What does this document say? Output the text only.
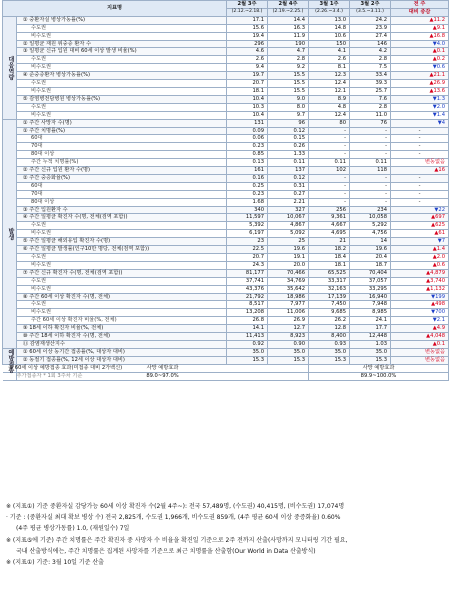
지표명		2월 3주	2월 4주	3월 1주	3월 2주	전 주
		(2.12.~2.18.)	(2.19.~2.25.)	(2.26.~3.4.)	(3.5.~3.11.)	대비 증감
대응역량	① 중환자실 병상가동률(%)	17.1	14.4	13.0	24.2	▲11.2
	수도권	15.6	16.3	14.8	23.9	▲9.1
	비수도권	19.4	11.9	10.6	27.4	▲16.8
	② 일평균 재원 위중증 환자 수	296	190	150	146	▼4.0
	③ 일평균 신규 입원 대비 60세 이상 발생 비율(%)	4.6	4.7	4.1	4.2	▲0.1
	수도권	2.6	2.8	2.6	2.8	▲0.2
	비수도권	9.4	9.2	8.1	7.5	▼0.6
	④ 준중증환자 병상가동률(%)	19.7	15.5	12.3	33.4	▲21.1
	수도권	20.7	15.5	12.4	39.3	▲26.9
	비수도권	18.1	15.5	12.1	25.7	▲13.6
	⑤ 감염병전담병원 병상가동률(%)	10.4	9.0	8.9	7.6	▼1.3
	수도권	10.3	8.0	4.8	2.8	▼2.0
	비수도권	10.4	9.7	12.4	11.0	▼1.4
발생	① 주간 사망자 수(명)	131	96	80	76	▼4
	① 주간 치명률(%)	0.09	0.12	-	-	-
	60대	0.06	0.15	-	-	-
	70대	0.23	0.26	-	-	-
	80대 이상	0.85	1.33	-	-	-
	주간 누적 치명률(%)	0.13	0.11	0.11	0.11	변동없음
	② 주간 신규 입원 환자 수(명)	161	137	102	118	▲16
	② 주간 중증화율(%)	0.16	0.12	-	-	-
	60대	0.25	0.31	-	-	-
	70대	0.23	0.27	-	-	-
	80대 이상	1.68	2.21	-	-	-
	③ 주간 입원환자 수	340	327	256	234	▼22
	④ 주간 일평균 확진자 수(명, 전체(검역 포함))	11,597	10,067	9,361	10,058	▲697
	수도권	5,392	4,867	4,667	5,292	▲625
	비수도권	6,197	5,092	4,695	4,756	▲61
	⑤ 주간 일평균 해외유입 확진자 수(명)	23	25	21	14	▼7
	⑥ 주간 일평균 발생률(인구10만 명당, 전체(검역 포함))	22.5	19.6	18.2	19.6	▲1.4
	수도권	20.7	19.1	18.4	20.4	▲2.0
	비수도권	24.3	20.0	18.1	18.7	▲0.6
	⑦ 주간 신규 확진자 수(명, 전체(검역 포함))	81,177	70,466	65,525	70,404	▲4,879
	수도권	37,741	34,769	33,317	37,057	▲3,740
	비수도권	43,376	35,642	32,163	33,295	▲1,132
	⑧ 주간 60세 이상 확진자 수(명, 전체)	21,792	18,986	17,139	16,940	▼199
	수도권	8,517	7,977	7,450	7,948	▲498
	비수도권	13,208	11,006	9,685	8,985	▼700
	주간 60세 이상 확진자 비율(%, 전체)	26.8	26.9	26.2	24.1	▼2.1
	⑨ 18세 이하 확진자 비율(%, 전체)	14.1	12.7	12.8	17.7	▲4.9
	⑩ 주간 18세 이하 확진자 수(명, 전체)	11,413	8,923	8,400	12,448	▲4,048
	⑪ 감염재생산지수	0.92	0.90	0.93	1.03	▲0.1
예방접종	① 60세 이상 동기간 접종률(%, 대상자 대비)	35.0	35.0	35.0	35.0	변동없음
	② 동절기 접종률(%, 12세 이상 대상자 대비)	15.3	15.3	15.3	15.3	변동없음
③ 60세 이상 예방접종 효과(미접종 대비 2가백신)	사망 예방효과			사망 예방효과		
추가접종자 * 1회 3주차 기준	89.0~97.0%			89.9~100.0%		

※ (지표①) 기준 중환자실 감당가능 60세 이상 확진자 수(2월 4주~): 전국 57,489명, (수도권) 40,415명, (비수도권) 17,074명

· 기준 : (중환자실 최대 확보 병상 수) 전국 2,825개, 수도권 1,966개, 비수도권 859개, (4주 평균 60세 이상 중증화율) 0.60%

(4주 평균 병상가동률) 1.0, (재원일수) 7일

※ (지표⑤에 기준) 주간 치명률은 주간 확진자 중 사망자 수 비율을 확진일 기준으로 2주 전까지 산출(사망까지 모니터링 기간 필요,

국내 산출방식에는, 주간 치명률은 집계된 사망자를 기준으로 최근 치명률을 산출함(Our World in Data 산출방식)

※ (지표①) 기준: 3월 10일 기준 산출
